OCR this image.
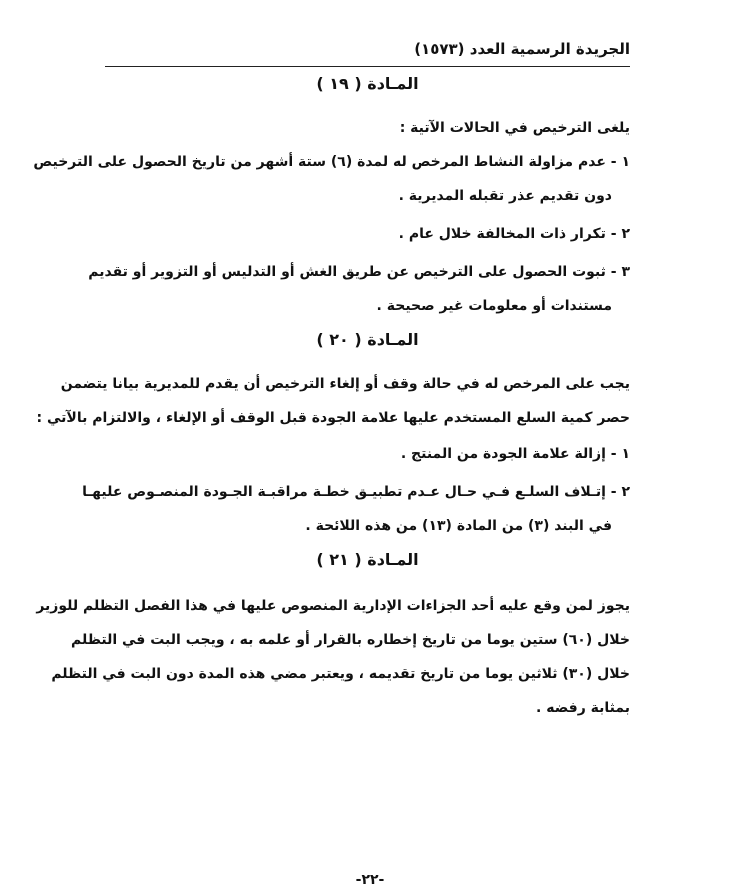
الجريدة الرسمية العدد (١٥٧٣)
المـادة ( ١٩ )
يلغى الترخيص في الحالات الآتية :
١ - عدم مزاولة النشاط المرخص له لمدة (٦) ستة أشهر من تاريخ الحصول على الترخيص
دون تقديم عذر تقبله المديرية .
٢ - تكرار ذات المخالفة خلال عام .
٣ - ثبوت الحصول على الترخيص عن طريق الغش أو التدليس أو التزوير أو تقديم
مستندات أو معلومات غير صحيحة .
المـادة ( ٢٠ )
يجب على المرخص له في حالة وقف أو إلغاء الترخيص أن يقدم للمديرية بيانا يتضمن
حصر كمية السلع المستخدم عليها علامة الجودة قبل الوقف أو الإلغاء ، والالتزام بالآتي :
١ - إزالة علامة الجودة من المنتج .
٢ - إتـلاف السلـع فـي حـال عـدم تطبيـق خطـة مراقبـة الجـودة المنصـوص عليهـا
في البند (٣) من المادة (١٣) من هذه اللائحة .
المـادة ( ٢١ )
يجوز لمن وقع عليه أحد الجزاءات الإدارية المنصوص عليها في هذا الفصل التظلم للوزير
خلال (٦٠) ستين يوما من تاريخ إخطاره بالقرار أو علمه به ، ويجب البت في التظلم
خلال (٣٠) ثلاثين يوما من تاريخ تقديمه ، ويعتبر مضي هذه المدة دون البت في التظلم
بمثابة رفضه .
-٢٢-
